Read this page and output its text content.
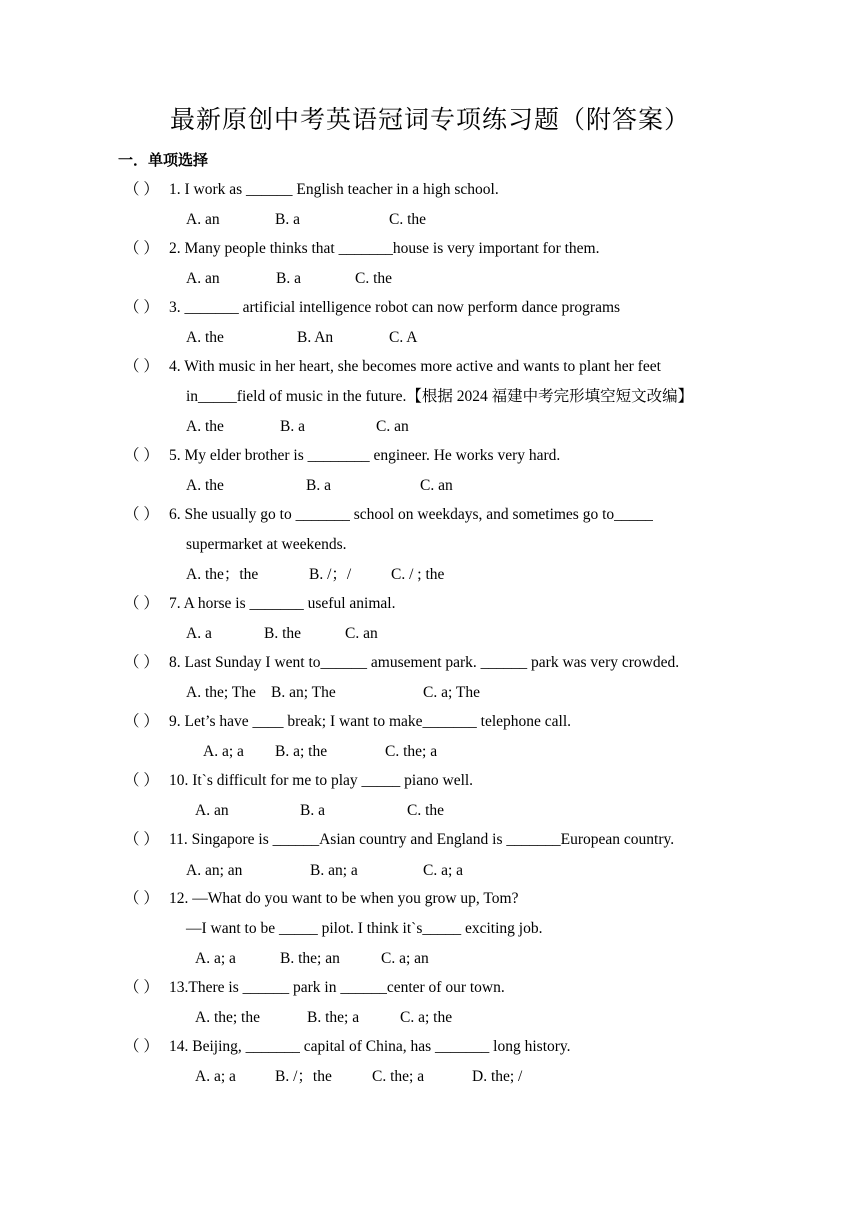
最新原创中考英语冠词专项练习题（附答案）
一．单项选择
（ ） 1. I work as ______ English teacher in a high school.
A. an	B. a	C. the
（ ） 2. Many people thinks that _______house is very important for them.
A. an	B. a	C. the
（ ） 3. _______ artificial intelligence robot can now perform dance programs
A. the	B. An	C. A
（ ） 4. With music in her heart, she becomes more active and wants to plant her feet
in_____field of music in the future.【根据 2024 福建中考完形填空短文改编】
A. the	B. a	C. an
（ ） 5. My elder brother is ________ engineer. He works very hard.
A. the	B. a	C. an
（ ） 6. She usually go to _______ school on weekdays, and sometimes go to_____
supermarket at weekends.
A. the；the	B. /；/	C. / ; the
（ ） 7. A horse is _______ useful animal.
A. a	B. the	C. an
（ ） 8. Last Sunday I went to______ amusement park. ______ park was very crowded.
A. the; The B. an; The	C. a; The
（ ） 9. Let’s have ____ break; I want to make_______ telephone call.
A. a; a B. a; the	C. the; a
（ ） 10. It`s difficult for me to play _____ piano well.
A. an	B. a	C. the
（ ） 11. Singapore is ______Asian country and England is _______European country.
A. an; an	B. an; a	C. a; a
（ ） 12. —What do you want to be when you grow up, Tom?
—I want to be _____ pilot. I think it`s_____ exciting job.
A. a; a	B. the; an	C. a; an
（ ） 13.There is ______ park in ______center of our town.
A. the; the	B. the; a	C. a; the
（ ） 14. Beijing, _______ capital of China, has _______ long history.
A. a; a	B. /；the	C. the; a	D. the; /
